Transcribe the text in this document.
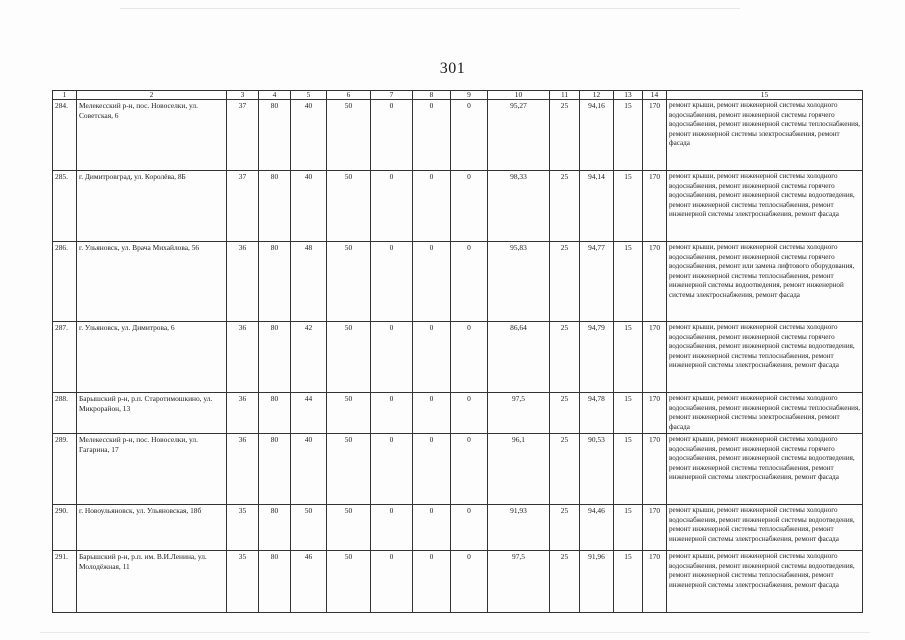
301
1	2	3	4	5	6	7	8	9	10	11	12	13	14	15
284.	Мелекесский р-н, пос. Новоселки, ул. Советская, 6	37	80	40	50	0	0	0	95,27	25	94,16	15	170	ремонт крыши, ремонт инженерной системы холодного водоснабжения, ремонт инженерной системы горячего водоснабжения, ремонт инженерной системы теплоснабжения, ремонт инженерной системы электроснабжения, ремонт фасада
285.	г. Димитровград, ул. Королёва, 8Б	37	80	40	50	0	0	0	98,33	25	94,14	15	170	ремонт крыши, ремонт инженерной системы холодного водоснабжения, ремонт инженерной системы горячего водоснабжения, ремонт инженерной системы водоотведения, ремонт инженерной системы теплоснабжения, ремонт инженерной системы электроснабжения, ремонт фасада
286.	г. Ульяновск, ул. Врача Михайлова, 56	36	80	48	50	0	0	0	95,83	25	94,77	15	170	ремонт крыши, ремонт инженерной системы холодного водоснабжения, ремонт инженерной системы горячего водоснабжения, ремонт или замена лифтового оборудования, ремонт инженерной системы теплоснабжения, ремонт инженерной системы водоотведения, ремонт инженерной системы электроснабжения, ремонт фасада
287.	г. Ульяновск, ул. Димитрова, 6	36	80	42	50	0	0	0	86,64	25	94,79	15	170	ремонт крыши, ремонт инженерной системы холодного водоснабжения, ремонт инженерной системы горячего водоснабжения, ремонт инженерной системы водоотведения, ремонт инженерной системы теплоснабжения, ремонт инженерной системы электроснабжения, ремонт фасада
288.	Барышский р-н, р.п. Старотимошкино, ул. Микрорайон, 13	36	80	44	50	0	0	0	97,5	25	94,78	15	170	ремонт крыши, ремонт инженерной системы холодного водоснабжения, ремонт инженерной системы теплоснабжения, ремонт инженерной системы электроснабжения, ремонт фасада
289.	Мелекесский р-н, пос. Новоселки, ул. Гагарина, 17	36	80	40	50	0	0	0	96,1	25	90,53	15	170	ремонт крыши, ремонт инженерной системы холодного водоснабжения, ремонт инженерной системы горячего водоснабжения, ремонт инженерной системы водоотведения, ремонт инженерной системы теплоснабжения, ремонт инженерной системы электроснабжения, ремонт фасада
290.	г. Новоульяновск, ул. Ульяновская, 18б	35	80	50	50	0	0	0	91,93	25	94,46	15	170	ремонт крыши, ремонт инженерной системы холодного водоснабжения, ремонт инженерной системы водоотведения, ремонт инженерной системы теплоснабжения, ремонт инженерной системы электроснабжения, ремонт фасада
291.	Барышский р-н, р.п. им. В.И.Ленина, ул. Молодёжная, 11	35	80	46	50	0	0	0	97,5	25	91,96	15	170	ремонт крыши, ремонт инженерной системы холодного водоснабжения, ремонт инженерной системы водоотведения, ремонт инженерной системы теплоснабжения, ремонт инженерной системы электроснабжения, ремонт фасада
